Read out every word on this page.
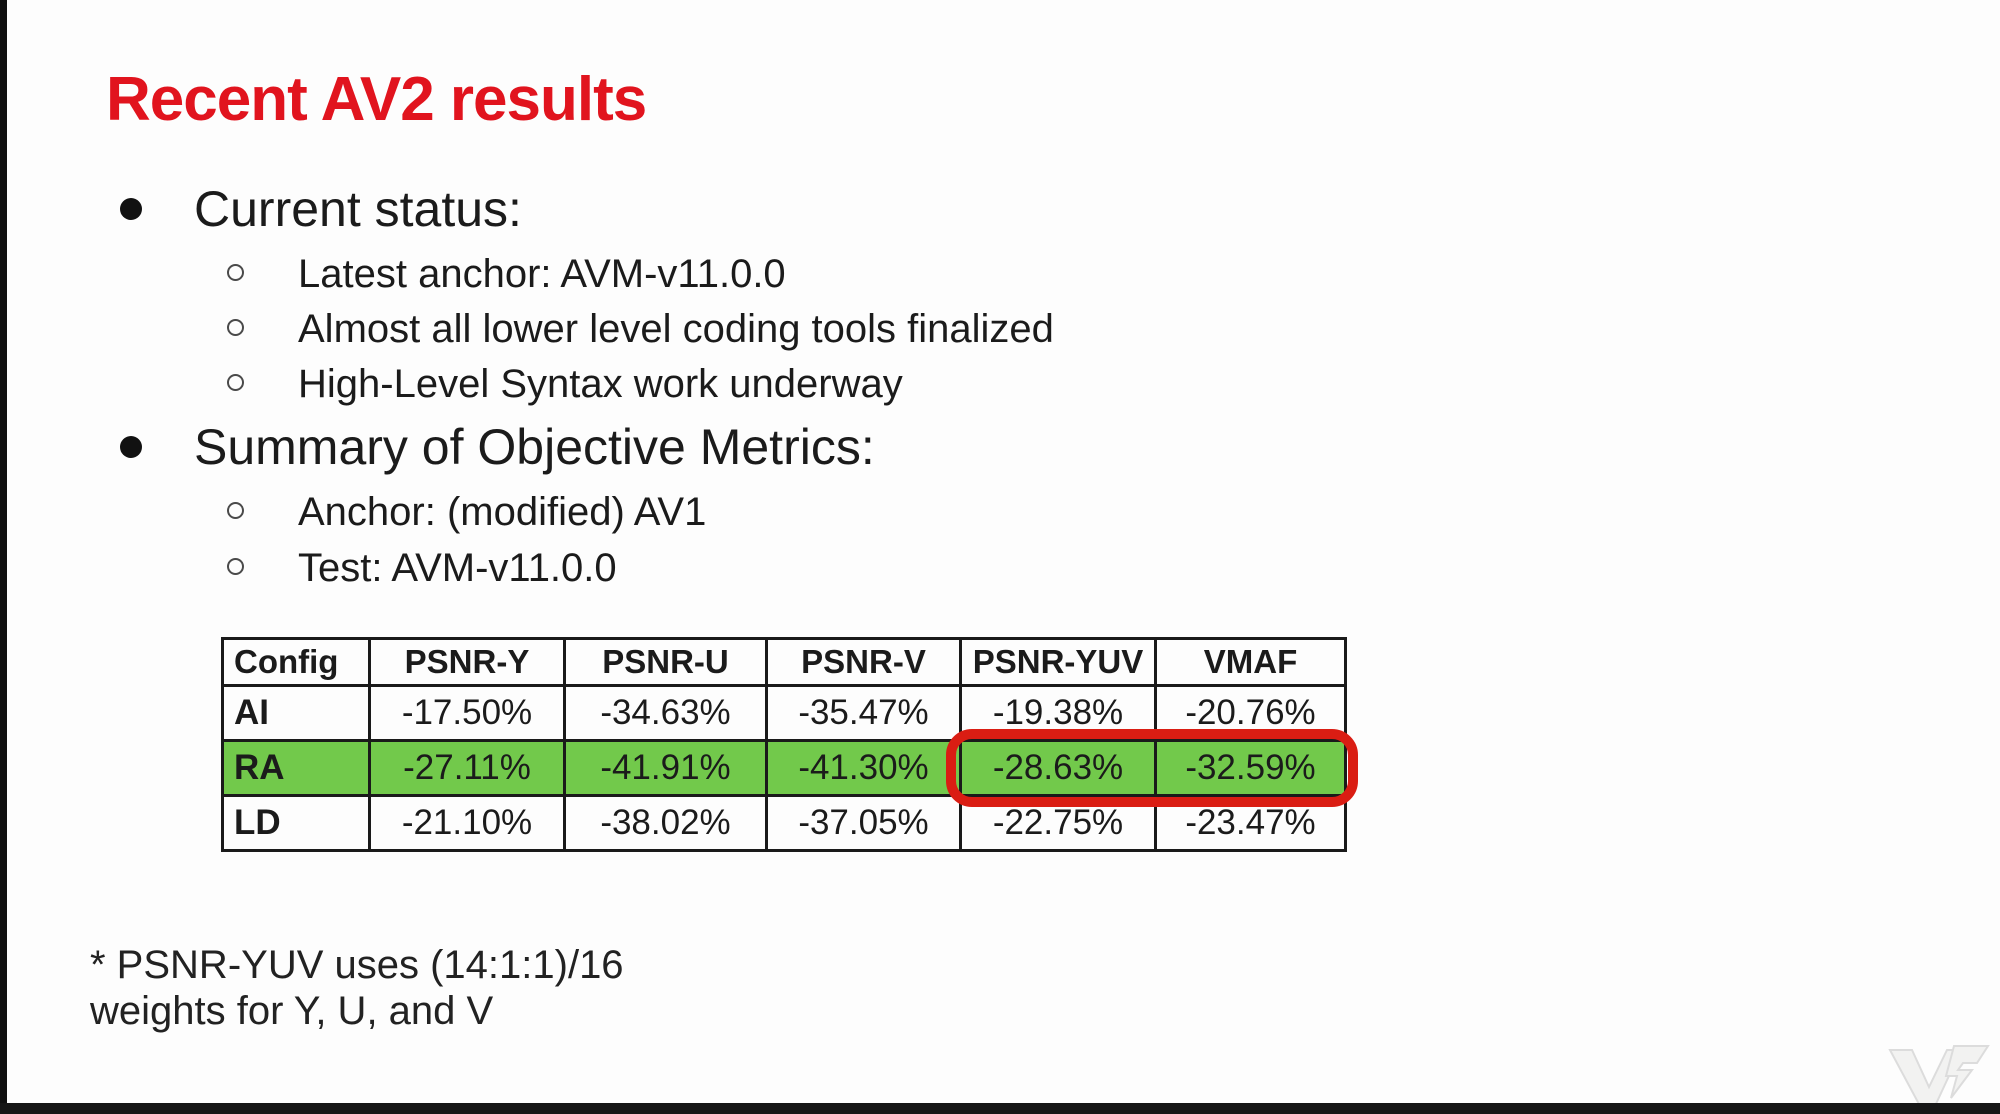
Recent AV2 results
Current status:
Latest anchor: AVM-v11.0.0
Almost all lower level coding tools finalized
High-Level Syntax work underway
Summary of Objective Metrics:
Anchor: (modified) AV1
Test: AVM-v11.0.0
Config	PSNR-Y	PSNR-U	PSNR-V	PSNR-YUV	VMAF
AI	-17.50%	-34.63%	-35.47%	-19.38%	-20.76%
RA	-27.11%	-41.91%	-41.30%	-28.63%	-32.59%
LD	-21.10%	-38.02%	-37.05%	-22.75%	-23.47%
* PSNR-YUV uses (14:1:1)/16
weights for Y, U, and V
